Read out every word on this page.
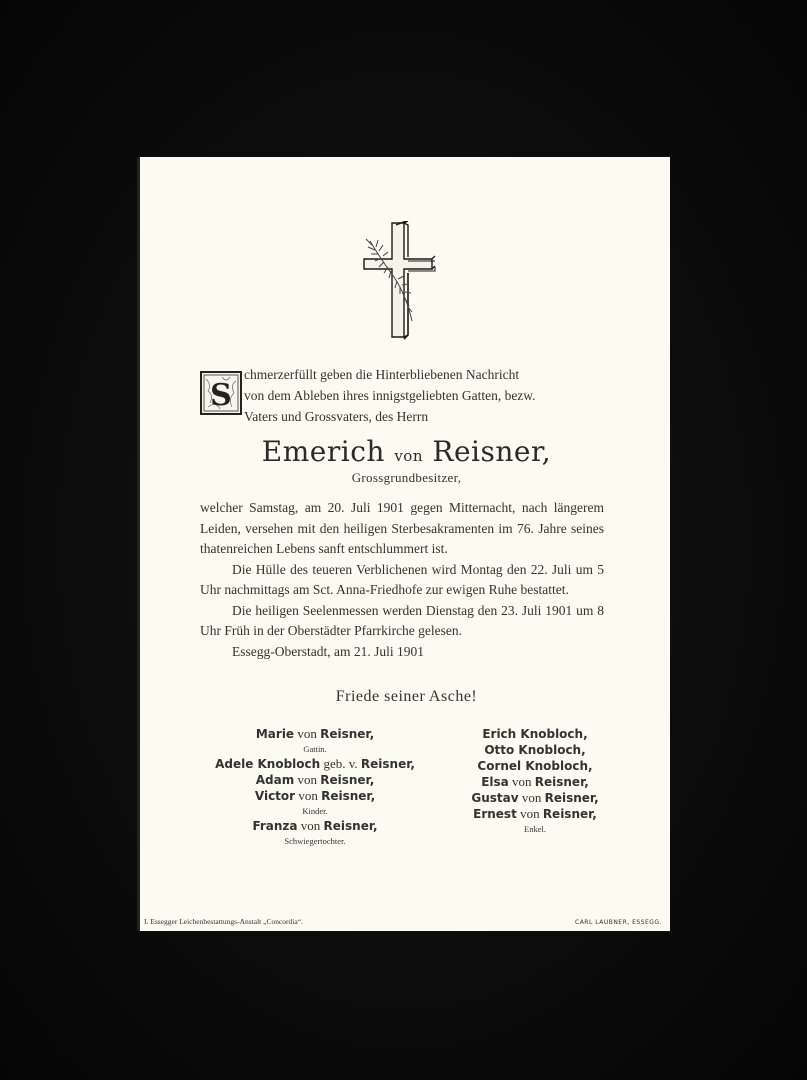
S
chmerzerfüllt geben die Hinterbliebenen Nachricht
von dem Ableben ihres innigstgeliebten Gatten, bezw.
Vaters und Grossvaters, des Herrn
Emerich von Reisner,
Grossgrundbesitzer,

welcher Samstag, am 20. Juli 1901 gegen Mitternacht, nach längerem Leiden, versehen mit den heiligen Sterbesakramenten im 76. Jahre seines thatenreichen Lebens sanft entschlummert ist.

Die Hülle des teueren Verblichenen wird Montag den 22. Juli um 5 Uhr nachmittags am Sct. Anna-Friedhofe zur ewigen Ruhe bestattet.

Die heiligen Seelenmessen werden Dienstag den 23. Juli 1901 um 8 Uhr Früh in der Oberstädter Pfarrkirche gelesen.

Essegg-Oberstadt, am 21. Juli 1901

Friede seiner Asche!
Marie von Reisner,
Gattin.
Adele Knobloch geb. v. Reisner,
Adam von Reisner,
Victor von Reisner,
Kinder.
Franza von Reisner,
Schwiegertochter.
Erich Knobloch,
Otto Knobloch,
Cornel Knobloch,
Elsa von Reisner,
Gustav von Reisner,
Ernest von Reisner,
Enkel.
I. Essegger Leichenbestattungs-Anstalt „Concordia“.	CARL LAUBNER, ESSEGG.
